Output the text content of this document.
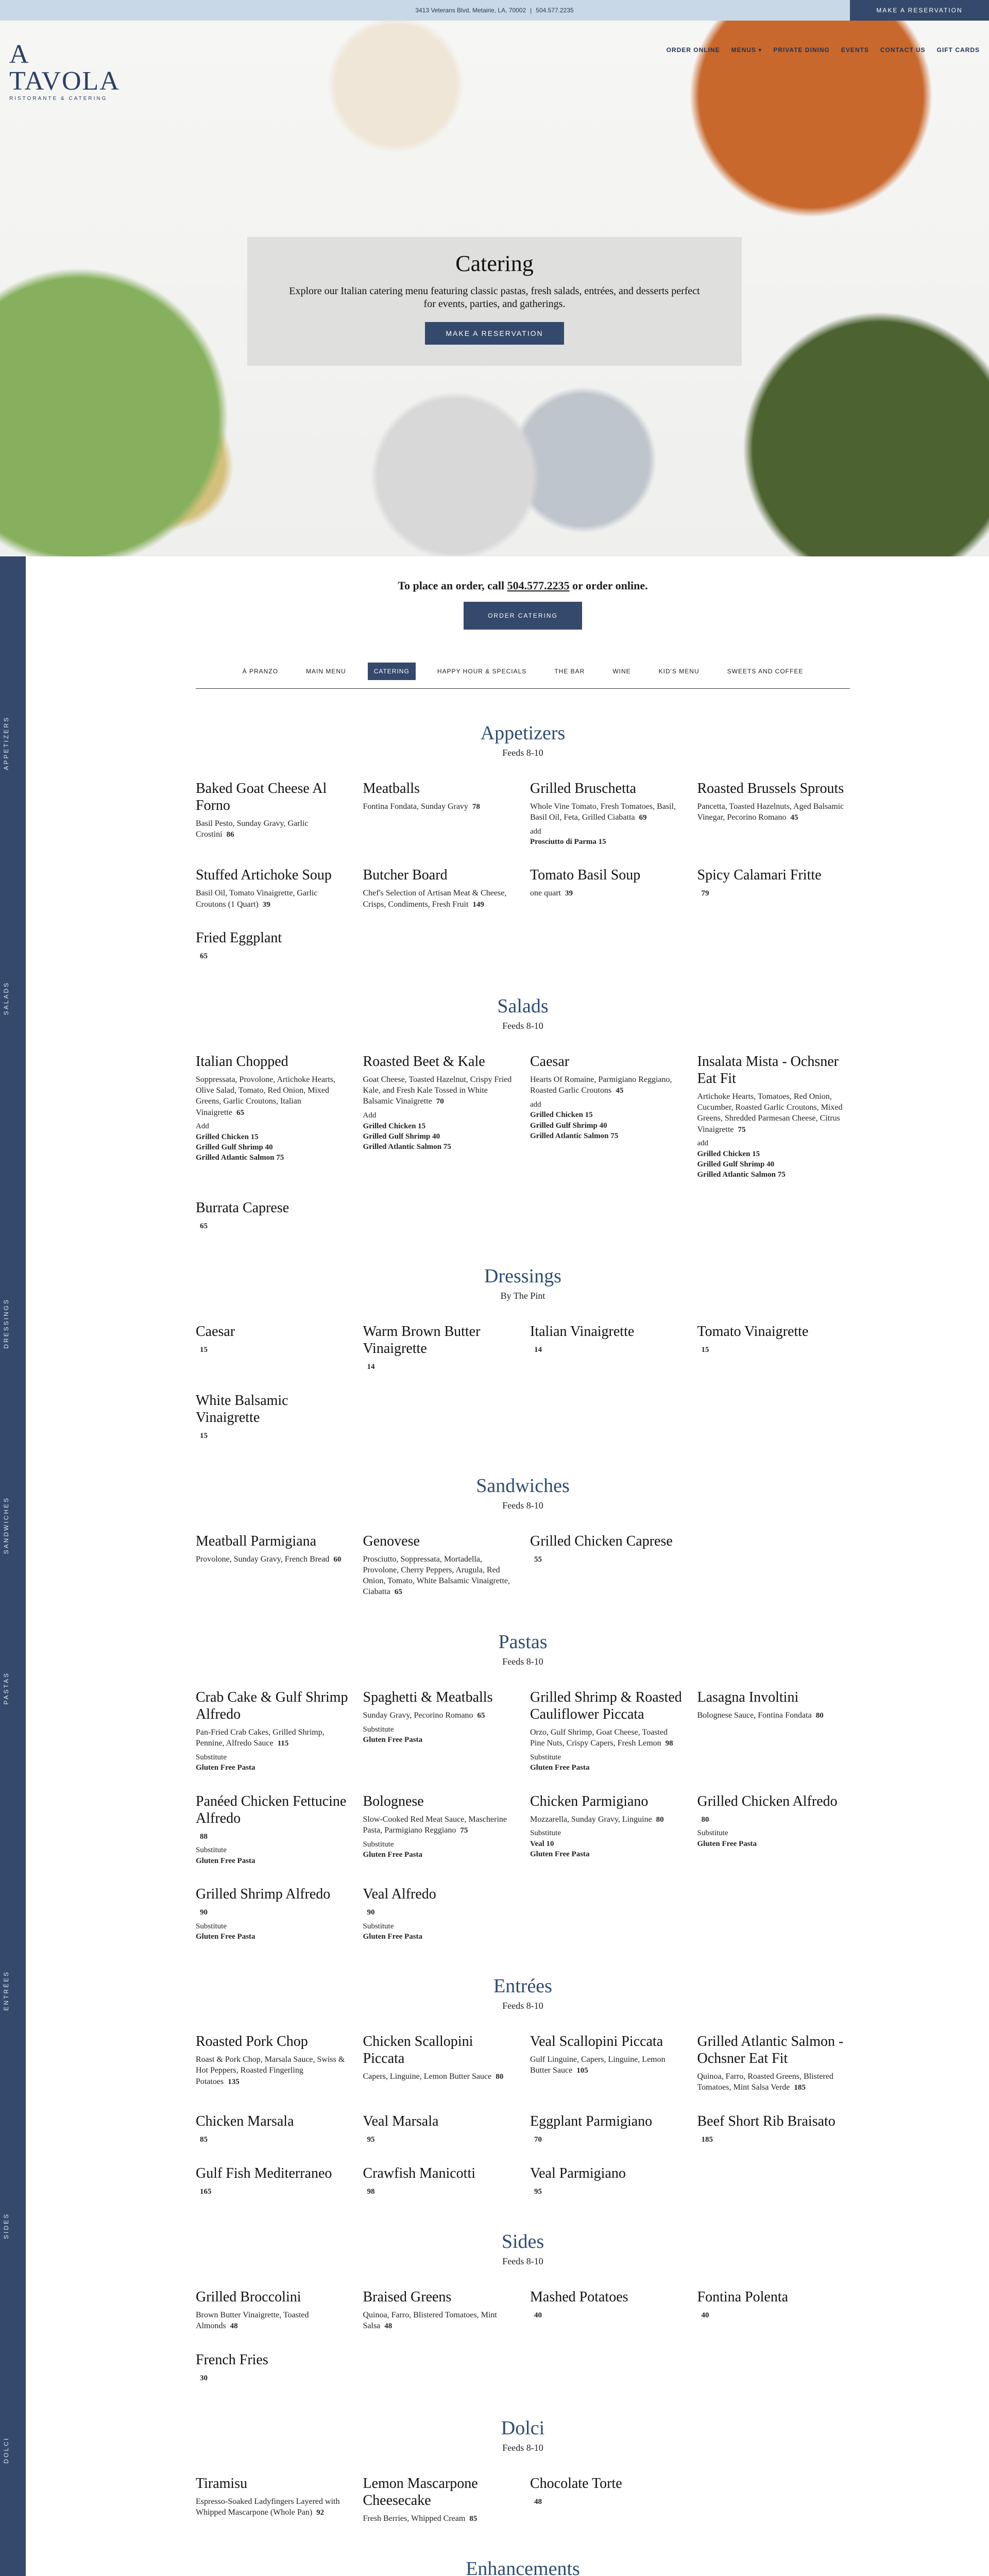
3413 Veterans Blvd, Metairie, LA, 70002 | 504.577.2235	MAKE A RESERVATION
A TAVOLA
RISTORANTE & CATERING
ORDER ONLINE MENUS ▾ PRIVATE DINING EVENTS CONTACT US GIFT CARDS
Catering

Explore our Italian catering menu featuring classic pastas, fresh salads, entrées, and desserts perfect for events, parties, and gatherings.

MAKE A RESERVATION
APPETIZERS
SALADS
DRESSINGS
SANDWICHES
PASTAS
ENTRÉES
SIDES
DOLCI
To place an order, call 504.577.2235 or order online.
ORDER CATERING
À PRANZO	MAIN MENU	CATERING	HAPPY HOUR & SPECIALS	THE BAR	WINE	KID'S MENU	SWEETS AND COFFEE
Appetizers
Feeds 8-10
Baked Goat Cheese Al Forno
Basil Pesto, Sunday Gravy, Garlic Crostini 86
Meatballs
Fontina Fondata, Sunday Gravy 78
Grilled Bruschetta
Whole Vine Tomato, Fresh Tomatoes, Basil, Basil Oil, Feta, Grilled Ciabatta 69
add
Prosciutto di Parma 15
Roasted Brussels Sprouts
Pancetta, Toasted Hazelnuts, Aged Balsamic Vinegar, Pecorino Romano 45
Stuffed Artichoke Soup
Basil Oil, Tomato Vinaigrette, Garlic Croutons (1 Quart) 39
Butcher Board
Chef's Selection of Artisan Meat & Cheese, Crisps, Condiments, Fresh Fruit 149
Tomato Basil Soup
one quart 39
Spicy Calamari Fritte
79
Fried Eggplant
65
Salads
Feeds 8-10
Italian Chopped
Soppressata, Provolone, Artichoke Hearts, Olive Salad, Tomato, Red Onion, Mixed Greens, Garlic Croutons, Italian Vinaigrette 65
Add
Grilled Chicken 15
Grilled Gulf Shrimp 40
Grilled Atlantic Salmon 75
Roasted Beet & Kale
Goat Cheese, Toasted Hazelnut, Crispy Fried Kale, and Fresh Kale Tossed in White Balsamic Vinaigrette 70
Add
Grilled Chicken 15
Grilled Gulf Shrimp 40
Grilled Atlantic Salmon 75
Caesar
Hearts Of Romaine, Parmigiano Reggiano, Roasted Garlic Croutons 45
add
Grilled Chicken 15
Grilled Gulf Shrimp 40
Grilled Atlantic Salmon 75
Insalata Mista - Ochsner Eat Fit
Artichoke Hearts, Tomatoes, Red Onion, Cucumber, Roasted Garlic Croutons, Mixed Greens, Shredded Parmesan Cheese, Citrus Vinaigrette 75
add
Grilled Chicken 15
Grilled Gulf Shrimp 40
Grilled Atlantic Salmon 75
Burrata Caprese
65
Dressings
By The Pint
Caesar
15
Warm Brown Butter Vinaigrette
14
Italian Vinaigrette
14
Tomato Vinaigrette
15
White Balsamic Vinaigrette
15
Sandwiches
Feeds 8-10
Meatball Parmigiana
Provolone, Sunday Gravy, French Bread 60
Genovese
Prosciutto, Soppressata, Mortadella, Provolone, Cherry Peppers, Arugula, Red Onion, Tomato, White Balsamic Vinaigrette, Ciabatta 65
Grilled Chicken Caprese
55
Pastas
Feeds 8-10
Crab Cake & Gulf Shrimp Alfredo
Pan-Fried Crab Cakes, Grilled Shrimp, Pennine, Alfredo Sauce 115
Substitute
Gluten Free Pasta
Spaghetti & Meatballs
Sunday Gravy, Pecorino Romano 65
Substitute
Gluten Free Pasta
Grilled Shrimp & Roasted Cauliflower Piccata
Orzo, Gulf Shrimp, Goat Cheese, Toasted Pine Nuts, Crispy Capers, Fresh Lemon 98
Substitute
Gluten Free Pasta
Lasagna Involtini
Bolognese Sauce, Fontina Fondata 80
Panéed Chicken Fettucine Alfredo
88
Substitute
Gluten Free Pasta
Bolognese
Slow-Cooked Red Meat Sauce, Mascherine Pasta, Parmigiano Reggiano 75
Substitute
Gluten Free Pasta
Chicken Parmigiano
Mozzarella, Sunday Gravy, Linguine 80
Substitute
Veal 10
Gluten Free Pasta
Grilled Chicken Alfredo
80
Substitute
Gluten Free Pasta
Grilled Shrimp Alfredo
90
Substitute
Gluten Free Pasta
Veal Alfredo
90
Substitute
Gluten Free Pasta
Entrées
Feeds 8-10
Roasted Pork Chop
Roast & Pork Chop, Marsala Sauce, Swiss & Hot Peppers, Roasted Fingerling Potatoes 135
Chicken Scallopini Piccata
Capers, Linguine, Lemon Butter Sauce 80
Veal Scallopini Piccata
Gulf Linguine, Capers, Linguine, Lemon Butter Sauce 105
Grilled Atlantic Salmon - Ochsner Eat Fit
Quinoa, Farro, Roasted Greens, Blistered Tomatoes, Mint Salsa Verde 185
Chicken Marsala
85
Veal Marsala
95
Eggplant Parmigiano
70
Beef Short Rib Braisato
185
Gulf Fish Mediterraneo
165
Crawfish Manicotti
98
Veal Parmigiano
95
Sides
Feeds 8-10
Grilled Broccolini
Brown Butter Vinaigrette, Toasted Almonds 48
Braised Greens
Quinoa, Farro, Blistered Tomatoes, Mint Salsa 48
Mashed Potatoes
40
Fontina Polenta
40
French Fries
30
Dolci
Feeds 8-10
Tiramisu
Espresso-Soaked Ladyfingers Layered with Whipped Mascarpone (Whole Pan) 92
Lemon Mascarpone Cheesecake
Fresh Berries, Whipped Cream 85
Chocolate Torte
48
Enhancements
